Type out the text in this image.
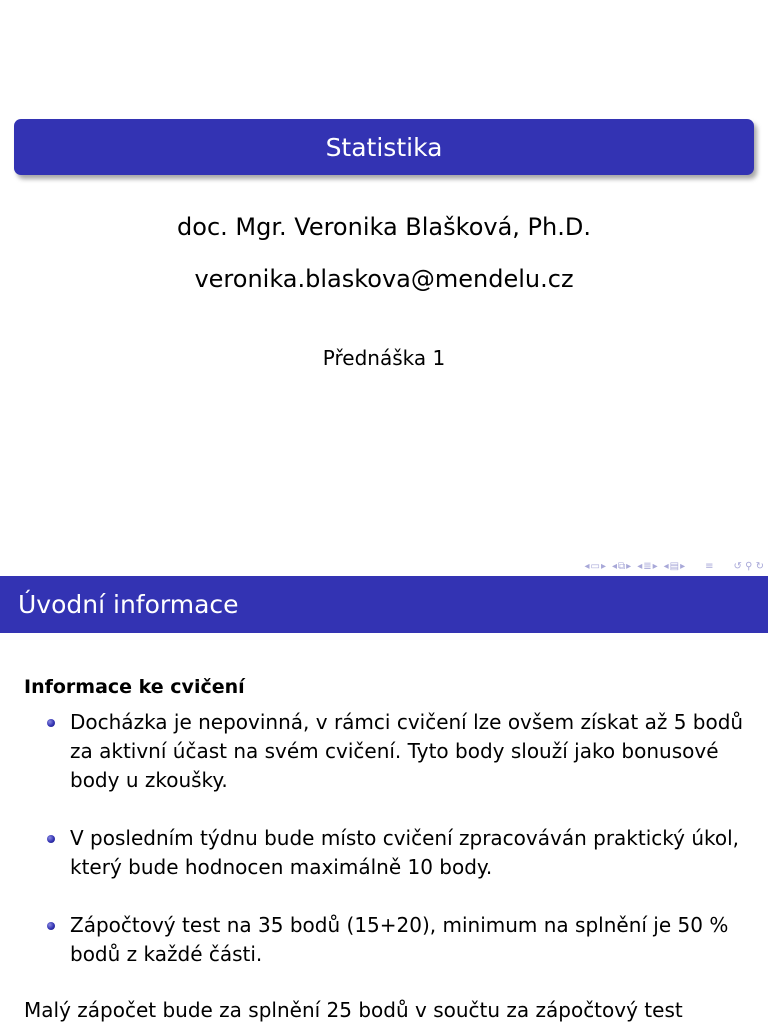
Statistika
doc. Mgr. Veronika Blašková, Ph.D.
veronika.blaskova@mendelu.cz
Přednáška 1
◂ ▭ ▸ ◂ ⧉ ▸ ◂ ≣ ▸ ◂ ▤ ▸ ≡ ↺ ⚲ ↻
Úvodní informace
Informace ke cvičení
Docházka je nepovinná, v rámci cvičení lze ovšem získat až 5 bodů za aktivní účast na svém cvičení. Tyto body slouží jako bonusové body u zkoušky.
V posledním týdnu bude místo cvičení zpracováván praktický úkol, který bude hodnocen maximálně 10 body.
Zápočtový test na 35 bodů (15+20), minimum na splnění je 50 % bodů z každé části.
Malý zápočet bude za splnění 25 bodů v součtu za zápočtový test
